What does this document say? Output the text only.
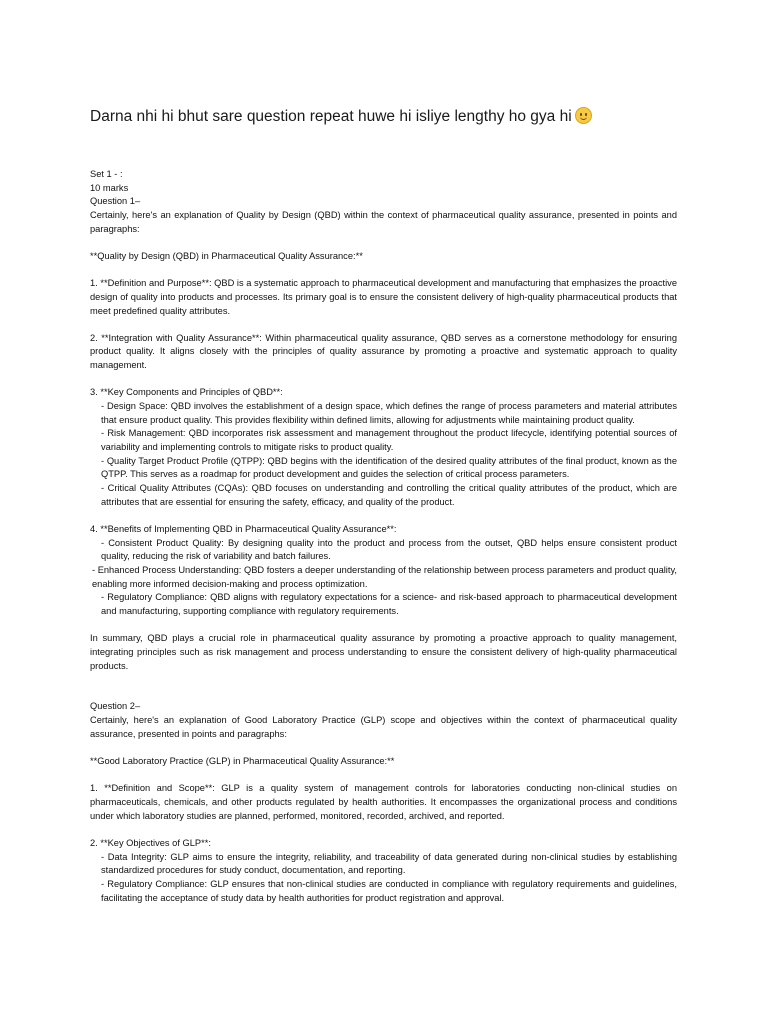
Darna nhi hi bhut sare question repeat huwe hi isliye lengthy ho gya hi

Set 1 - :

10 marks

Question 1–

Certainly, here's an explanation of Quality by Design (QBD) within the context of pharmaceutical quality assurance, presented in points and paragraphs:

**Quality by Design (QBD) in Pharmaceutical Quality Assurance:**

1. **Definition and Purpose**: QBD is a systematic approach to pharmaceutical development and manufacturing that emphasizes the proactive design of quality into products and processes. Its primary goal is to ensure the consistent delivery of high-quality pharmaceutical products that meet predefined quality attributes.

2. **Integration with Quality Assurance**: Within pharmaceutical quality assurance, QBD serves as a cornerstone methodology for ensuring product quality. It aligns closely with the principles of quality assurance by promoting a proactive and systematic approach to quality management.

3. **Key Components and Principles of QBD**:

- Design Space: QBD involves the establishment of a design space, which defines the range of process parameters and material attributes that ensure product quality. This provides flexibility within defined limits, allowing for adjustments while maintaining product quality.

- Risk Management: QBD incorporates risk assessment and management throughout the product lifecycle, identifying potential sources of variability and implementing controls to mitigate risks to product quality.

- Quality Target Product Profile (QTPP): QBD begins with the identification of the desired quality attributes of the final product, known as the QTPP. This serves as a roadmap for product development and guides the selection of critical process parameters.

- Critical Quality Attributes (CQAs): QBD focuses on understanding and controlling the critical quality attributes of the product, which are attributes that are essential for ensuring the safety, efficacy, and quality of the product.

4. **Benefits of Implementing QBD in Pharmaceutical Quality Assurance**:

- Consistent Product Quality: By designing quality into the product and process from the outset, QBD helps ensure consistent product quality, reducing the risk of variability and batch failures.

- Enhanced Process Understanding: QBD fosters a deeper understanding of the relationship between process parameters and product quality, enabling more informed decision-making and process optimization.

- Regulatory Compliance: QBD aligns with regulatory expectations for a science- and risk-based approach to pharmaceutical development and manufacturing, supporting compliance with regulatory requirements.

In summary, QBD plays a crucial role in pharmaceutical quality assurance by promoting a proactive approach to quality management, integrating principles such as risk management and process understanding to ensure the consistent delivery of high-quality pharmaceutical products.

Question 2–

Certainly, here's an explanation of Good Laboratory Practice (GLP) scope and objectives within the context of pharmaceutical quality assurance, presented in points and paragraphs:

**Good Laboratory Practice (GLP) in Pharmaceutical Quality Assurance:**

1. **Definition and Scope**: GLP is a quality system of management controls for laboratories conducting non-clinical studies on pharmaceuticals, chemicals, and other products regulated by health authorities. It encompasses the organizational process and conditions under which laboratory studies are planned, performed, monitored, recorded, archived, and reported.

2. **Key Objectives of GLP**:

- Data Integrity: GLP aims to ensure the integrity, reliability, and traceability of data generated during non-clinical studies by establishing standardized procedures for study conduct, documentation, and reporting.

- Regulatory Compliance: GLP ensures that non-clinical studies are conducted in compliance with regulatory requirements and guidelines, facilitating the acceptance of study data by health authorities for product registration and approval.
